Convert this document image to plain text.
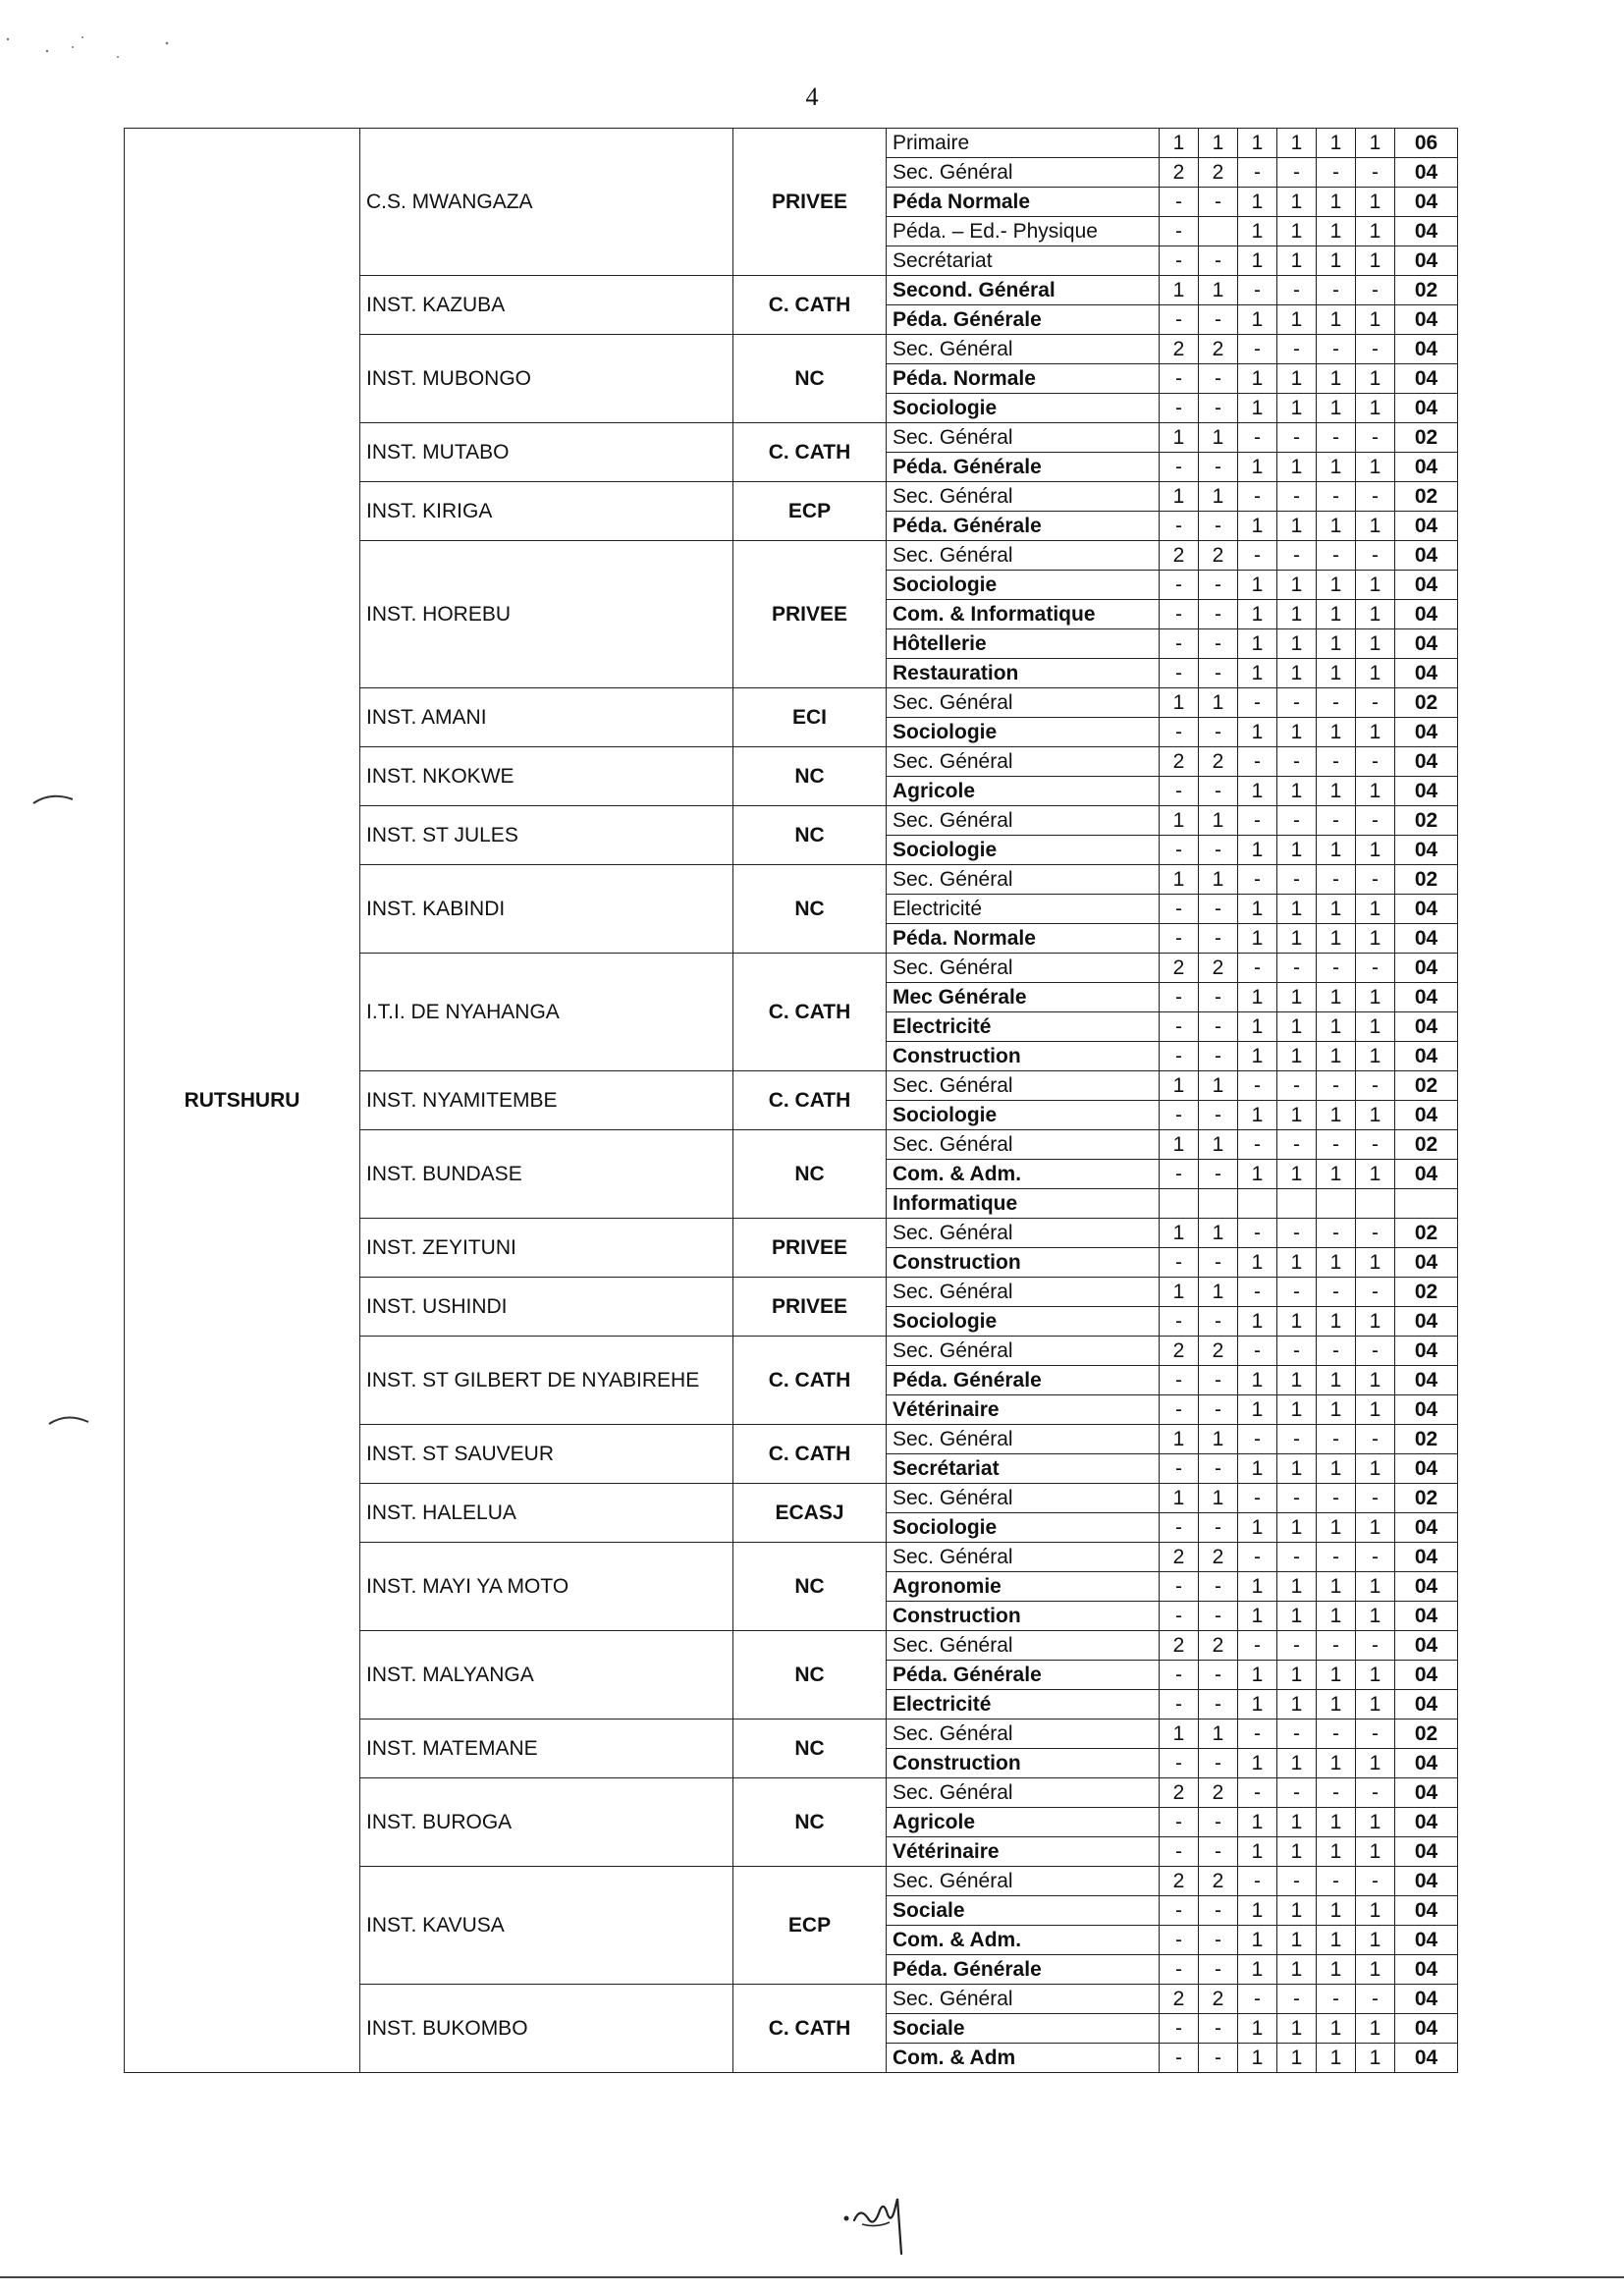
4
RUTSHURU	C.S. MWANGAZA	PRIVEE	Primaire	1	1	1	1	1	1	06
			Sec. Général	2	2	-	-	-	-	04
			Péda Normale	-	-	1	1	1	1	04
			Péda. – Ed.- Physique	-		1	1	1	1	04
			Secrétariat	-	-	1	1	1	1	04
	INST. KAZUBA	C. CATH	Second. Général	1	1	-	-	-	-	02
			Péda. Générale	-	-	1	1	1	1	04
	INST. MUBONGO	NC	Sec. Général	2	2	-	-	-	-	04
			Péda. Normale	-	-	1	1	1	1	04
			Sociologie	-	-	1	1	1	1	04
	INST. MUTABO	C. CATH	Sec. Général	1	1	-	-	-	-	02
			Péda. Générale	-	-	1	1	1	1	04
	INST. KIRIGA	ECP	Sec. Général	1	1	-	-	-	-	02
			Péda. Générale	-	-	1	1	1	1	04
	INST. HOREBU	PRIVEE	Sec. Général	2	2	-	-	-	-	04
			Sociologie	-	-	1	1	1	1	04
			Com. & Informatique	-	-	1	1	1	1	04
			Hôtellerie	-	-	1	1	1	1	04
			Restauration	-	-	1	1	1	1	04
	INST. AMANI	ECI	Sec. Général	1	1	-	-	-	-	02
			Sociologie	-	-	1	1	1	1	04
	INST. NKOKWE	NC	Sec. Général	2	2	-	-	-	-	04
			Agricole	-	-	1	1	1	1	04
	INST. ST JULES	NC	Sec. Général	1	1	-	-	-	-	02
			Sociologie	-	-	1	1	1	1	04
	INST. KABINDI	NC	Sec. Général	1	1	-	-	-	-	02
			Electricité	-	-	1	1	1	1	04
			Péda. Normale	-	-	1	1	1	1	04
	I.T.I. DE NYAHANGA	C. CATH	Sec. Général	2	2	-	-	-	-	04
			Mec Générale	-	-	1	1	1	1	04
			Electricité	-	-	1	1	1	1	04
			Construction	-	-	1	1	1	1	04
	INST. NYAMITEMBE	C. CATH	Sec. Général	1	1	-	-	-	-	02
			Sociologie	-	-	1	1	1	1	04
	INST. BUNDASE	NC	Sec. Général	1	1	-	-	-	-	02
			Com. & Adm.	-	-	1	1	1	1	04
			Informatique							
	INST. ZEYITUNI	PRIVEE	Sec. Général	1	1	-	-	-	-	02
			Construction	-	-	1	1	1	1	04
	INST. USHINDI	PRIVEE	Sec. Général	1	1	-	-	-	-	02
			Sociologie	-	-	1	1	1	1	04
	INST. ST GILBERT DE NYABIREHE	C. CATH	Sec. Général	2	2	-	-	-	-	04
			Péda. Générale	-	-	1	1	1	1	04
			Vétérinaire	-	-	1	1	1	1	04
	INST. ST SAUVEUR	C. CATH	Sec. Général	1	1	-	-	-	-	02
			Secrétariat	-	-	1	1	1	1	04
	INST. HALELUA	ECASJ	Sec. Général	1	1	-	-	-	-	02
			Sociologie	-	-	1	1	1	1	04
	INST. MAYI YA MOTO	NC	Sec. Général	2	2	-	-	-	-	04
			Agronomie	-	-	1	1	1	1	04
			Construction	-	-	1	1	1	1	04
	INST. MALYANGA	NC	Sec. Général	2	2	-	-	-	-	04
			Péda. Générale	-	-	1	1	1	1	04
			Electricité	-	-	1	1	1	1	04
	INST. MATEMANE	NC	Sec. Général	1	1	-	-	-	-	02
			Construction	-	-	1	1	1	1	04
	INST. BUROGA	NC	Sec. Général	2	2	-	-	-	-	04
			Agricole	-	-	1	1	1	1	04
			Vétérinaire	-	-	1	1	1	1	04
	INST. KAVUSA	ECP	Sec. Général	2	2	-	-	-	-	04
			Sociale	-	-	1	1	1	1	04
			Com. & Adm.	-	-	1	1	1	1	04
			Péda. Générale	-	-	1	1	1	1	04
	INST. BUKOMBO	C. CATH	Sec. Général	2	2	-	-	-	-	04
			Sociale	-	-	1	1	1	1	04
			Com. & Adm	-	-	1	1	1	1	04
